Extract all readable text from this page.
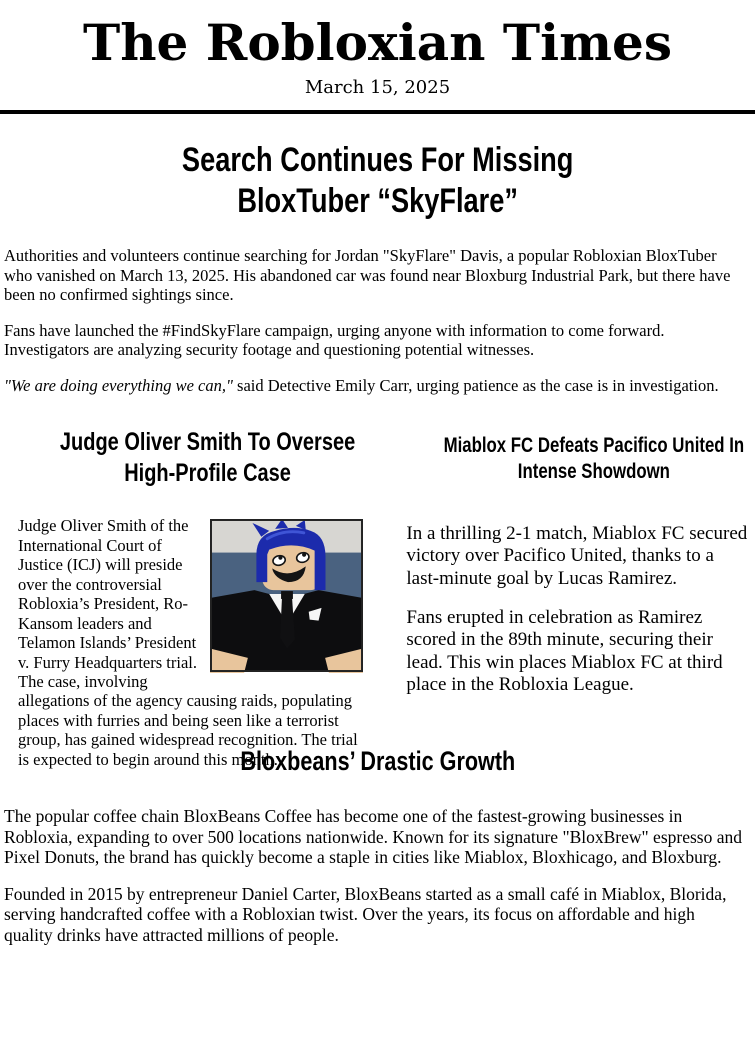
The Robloxian Times
March 15, 2025
Search Continues For Missing
BloxTuber “SkyFlare”

Authorities and volunteers continue searching for Jordan "SkyFlare" Davis, a popular Robloxian BloxTuber who vanished on March 13, 2025. His abandoned car was found near Bloxburg Industrial Park, but there have been no confirmed sightings since.

Fans have launched the #FindSkyFlare campaign, urging anyone with information to come forward. Investigators are analyzing security footage and questioning potential witnesses.

"We are doing everything we can," said Detective Emily Carr, urging patience as the case is in investigation.

Judge Oliver Smith To Oversee
High-Profile Case
Judge Oliver Smith of the International Court of Justice (ICJ) will preside over the controversial Robloxia’s President, Ro-Kansom leaders and Telamon Islands’ President v. Furry Headquarters trial. The case, involving allegations of the agency causing raids, populating places with furries and being seen like a terrorist group, has gained widespread recognition. The trial is expected to begin around this month.
Miablox FC Defeats Pacifico United In
Intense Showdown

In a thrilling 2-1 match, Miablox FC secured victory over Pacifico United, thanks to a last-minute goal by Lucas Ramirez.

Fans erupted in celebration as Ramirez scored in the 89th minute, securing their lead. This win places Miablox FC at third place in the Robloxia League.

Bloxbeans’ Drastic Growth

The popular coffee chain BloxBeans Coffee has become one of the fastest-growing businesses in Robloxia, expanding to over 500 locations nationwide. Known for its signature "BloxBrew" espresso and Pixel Donuts, the brand has quickly become a staple in cities like Miablox, Bloxhicago, and Bloxburg.

Founded in 2015 by entrepreneur Daniel Carter, BloxBeans started as a small café in Miablox, Blorida, serving handcrafted coffee with a Robloxian twist. Over the years, its focus on affordable and high quality drinks have attracted millions of people.
